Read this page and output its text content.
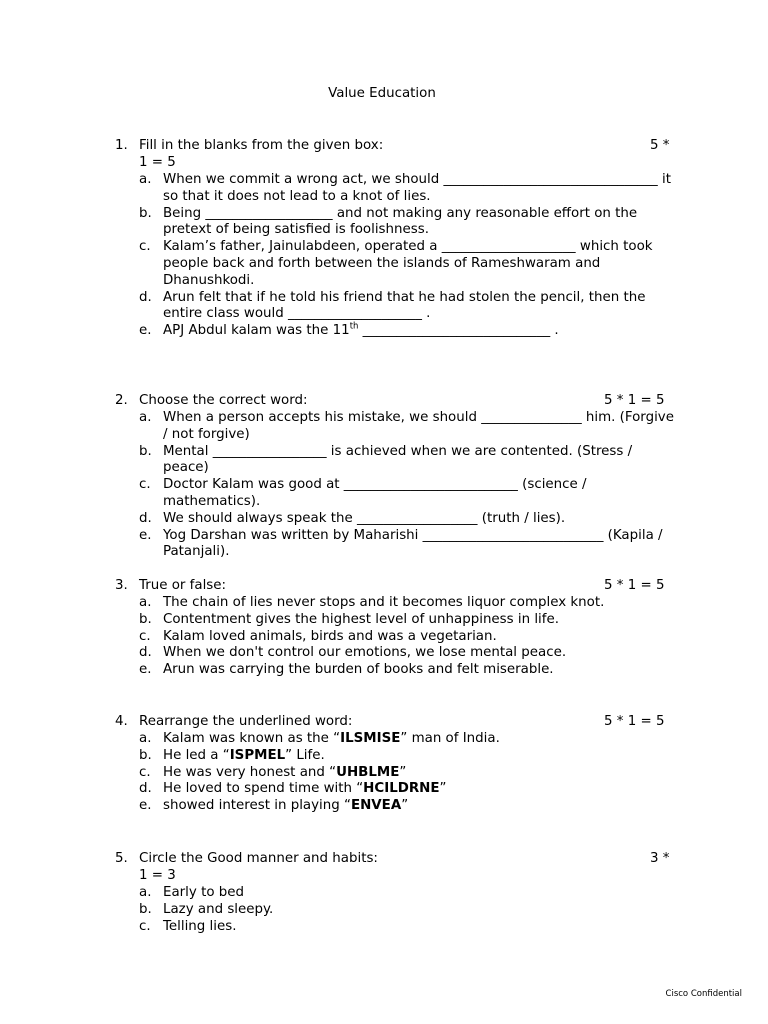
Value Education
1. Fill in the blanks from the given box:	5 *
1 = 5
a. When we commit a wrong act, we should ________________________________ it so that it does not lead to a knot of lies.
b. Being ___________________ and not making any reasonable effort on the pretext of being satisfied is foolishness.
c. Kalam’s father, Jainulabdeen, operated a ____________________ which took people back and forth between the islands of Rameshwaram and Dhanushkodi.
d. Arun felt that if he told his friend that he had stolen the pencil, then the entire class would ____________________ .
e. APJ Abdul kalam was the 11th ____________________________ .
2. Choose the correct word:	5 * 1 = 5
a. When a person accepts his mistake, we should _______________ him. (Forgive / not forgive)
b. Mental _________________ is achieved when we are contented. (Stress / peace)
c. Doctor Kalam was good at __________________________ (science / mathematics).
d. We should always speak the __________________ (truth / lies).
e. Yog Darshan was written by Maharishi ___________________________ (Kapila / Patanjali).
3. True or false:	5 * 1 = 5
a. The chain of lies never stops and it becomes liquor complex knot.
b. Contentment gives the highest level of unhappiness in life.
c. Kalam loved animals, birds and was a vegetarian.
d. When we don't control our emotions, we lose mental peace.
e. Arun was carrying the burden of books and felt miserable.
4. Rearrange the underlined word:	5 * 1 = 5
a. Kalam was known as the “ILSMISE” man of India.
b. He led a “ISPMEL” Life.
c. He was very honest and “UHBLME”
d. He loved to spend time with “HCILDRNE”
e. showed interest in playing “ENVEA”
5. Circle the Good manner and habits:	3 *
1 = 3
a. Early to bed
b. Lazy and sleepy.
c. Telling lies.
Cisco Confidential
